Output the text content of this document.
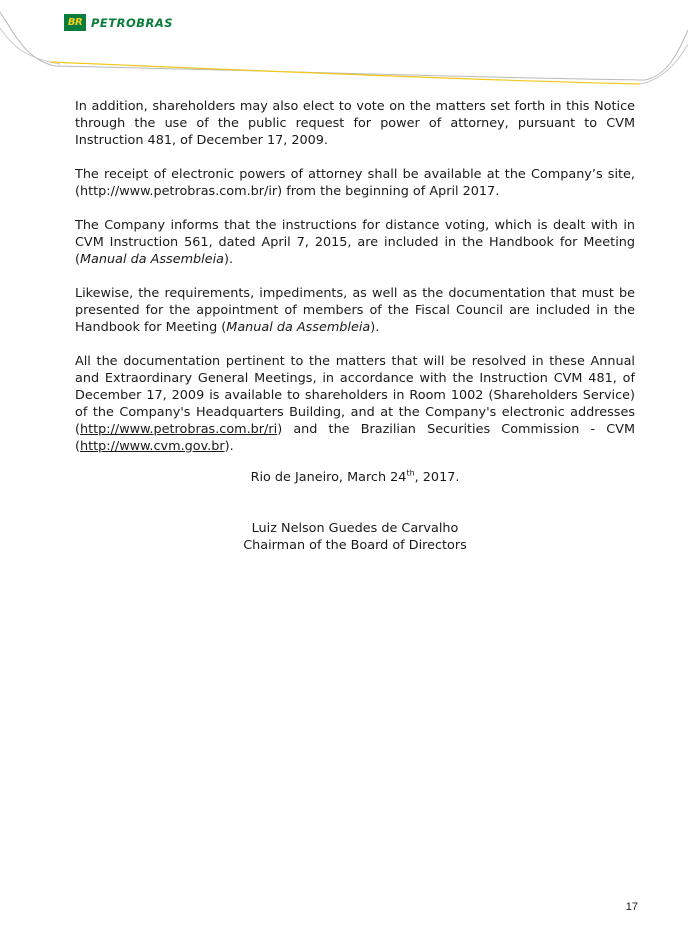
BR PETROBRAS

In addition, shareholders may also elect to vote on the matters set forth in this Notice through the use of the public request for power of attorney, pursuant to CVM Instruction 481, of December 17, 2009.

The receipt of electronic powers of attorney shall be available at the Company’s site, (http://www.petrobras.com.br/ir) from the beginning of April 2017.

The Company informs that the instructions for distance voting, which is dealt with in CVM Instruction 561, dated April 7, 2015, are included in the Handbook for Meeting (Manual da Assembleia).

Likewise, the requirements, impediments, as well as the documentation that must be presented for the appointment of members of the Fiscal Council are included in the Handbook for Meeting (Manual da Assembleia).

All the documentation pertinent to the matters that will be resolved in these Annual and Extraordinary General Meetings, in accordance with the Instruction CVM 481, of December 17, 2009 is available to shareholders in Room 1002 (Shareholders Service) of the Company's Headquarters Building, and at the Company's electronic addresses (http://www.petrobras.com.br/ri) and the Brazilian Securities Commission - CVM (http://www.cvm.gov.br).

Rio de Janeiro, March 24th, 2017.
Luiz Nelson Guedes de Carvalho
Chairman of the Board of Directors
17
